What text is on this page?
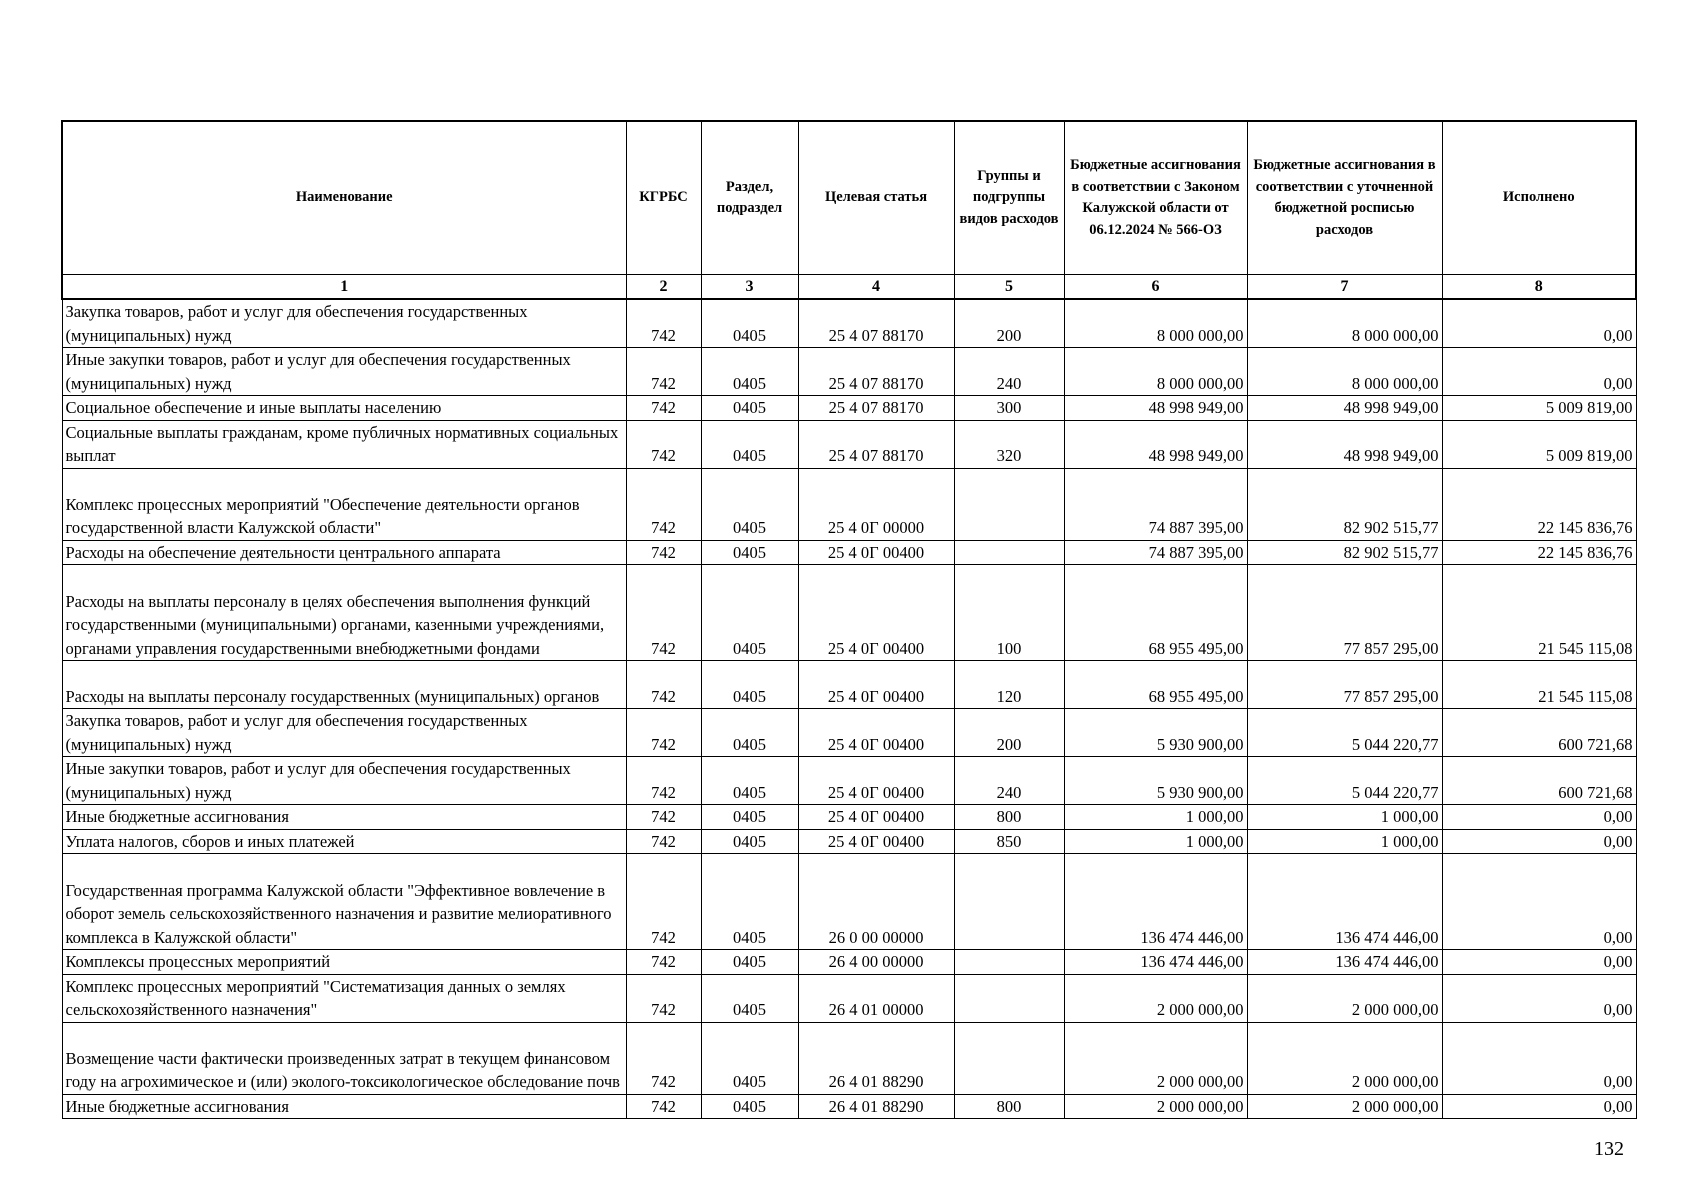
Наименование	КГРБС	Раздел, подраздел	Целевая статья	Группы и подгруппы видов расходов	Бюджетные ассигнования в соответствии с Законом Калужской области от 06.12.2024 № 566-ОЗ	Бюджетные ассигнования в соответствии с уточненной бюджетной росписью расходов	Исполнено
1	2	3	4	5	6	7	8
Закупка товаров, работ и услуг для обеспечения государственных (муниципальных) нужд	742	0405	25 4 07 88170	200	8 000 000,00	8 000 000,00	0,00
Иные закупки товаров, работ и услуг для обеспечения государственных (муниципальных) нужд	742	0405	25 4 07 88170	240	8 000 000,00	8 000 000,00	0,00
Социальное обеспечение и иные выплаты населению	742	0405	25 4 07 88170	300	48 998 949,00	48 998 949,00	5 009 819,00
Социальные выплаты гражданам, кроме публичных нормативных социальных выплат	742	0405	25 4 07 88170	320	48 998 949,00	48 998 949,00	5 009 819,00
Комплекс процессных мероприятий "Обеспечение деятельности органов государственной власти Калужской области"	742	0405	25 4 0Г 00000		74 887 395,00	82 902 515,77	22 145 836,76
Расходы на обеспечение деятельности центрального аппарата	742	0405	25 4 0Г 00400		74 887 395,00	82 902 515,77	22 145 836,76
Расходы на выплаты персоналу в целях обеспечения выполнения функций государственными (муниципальными) органами, казенными учреждениями, органами управления государственными внебюджетными фондами	742	0405	25 4 0Г 00400	100	68 955 495,00	77 857 295,00	21 545 115,08
Расходы на выплаты персоналу государственных (муниципальных) органов	742	0405	25 4 0Г 00400	120	68 955 495,00	77 857 295,00	21 545 115,08
Закупка товаров, работ и услуг для обеспечения государственных (муниципальных) нужд	742	0405	25 4 0Г 00400	200	5 930 900,00	5 044 220,77	600 721,68
Иные закупки товаров, работ и услуг для обеспечения государственных (муниципальных) нужд	742	0405	25 4 0Г 00400	240	5 930 900,00	5 044 220,77	600 721,68
Иные бюджетные ассигнования	742	0405	25 4 0Г 00400	800	1 000,00	1 000,00	0,00
Уплата налогов, сборов и иных платежей	742	0405	25 4 0Г 00400	850	1 000,00	1 000,00	0,00
Государственная программа Калужской области "Эффективное вовлечение в оборот земель сельскохозяйственного назначения и развитие мелиоративного комплекса в Калужской области"	742	0405	26 0 00 00000		136 474 446,00	136 474 446,00	0,00
Комплексы процессных мероприятий	742	0405	26 4 00 00000		136 474 446,00	136 474 446,00	0,00
Комплекс процессных мероприятий "Систематизация данных о землях сельскохозяйственного назначения"	742	0405	26 4 01 00000		2 000 000,00	2 000 000,00	0,00
Возмещение части фактически произведенных затрат в текущем финансовом году на агрохимическое и (или) эколого-токсикологическое обследование почв	742	0405	26 4 01 88290		2 000 000,00	2 000 000,00	0,00
Иные бюджетные ассигнования	742	0405	26 4 01 88290	800	2 000 000,00	2 000 000,00	0,00
132
